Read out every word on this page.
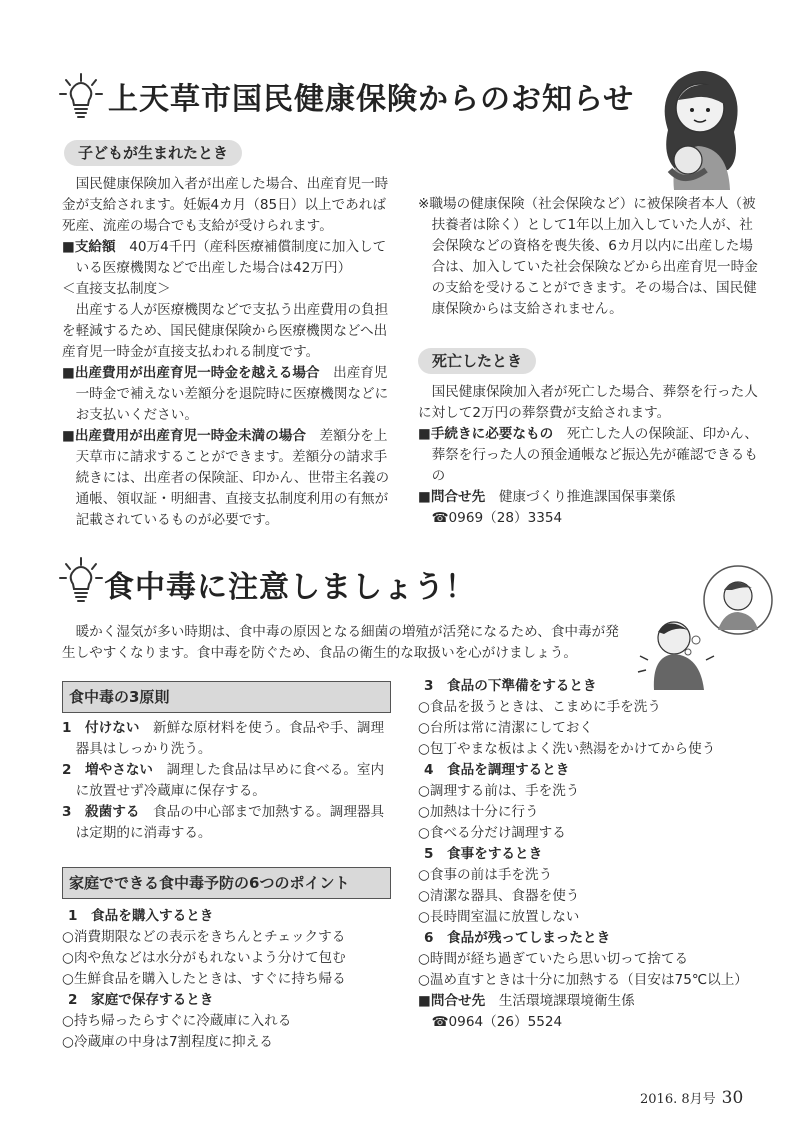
上天草市国民健康保険からのお知らせ
子どもが生まれたとき

国民健康保険加入者が出産した場合、出産育児一時金が支給されます。妊娠4カ月（85日）以上であれば死産、流産の場合でも支給が受けられます。

■支給額　 40万4千円（産科医療補償制度に加入している医療機関などで出産した場合は42万円）

＜直接支払制度＞

出産する人が医療機関などで支払う出産費用の負担を軽減するため、国民健康保険から医療機関などへ出産育児一時金が直接支払われる制度です。

■出産費用が出産育児一時金を越える場合　 出産育児一時金で補えない差額分を退院時に医療機関などにお支払いください。

■出産費用が出産育児一時金未満の場合　 差額分を上天草市に請求することができます。差額分の請求手続きには、出産者の保険証、印かん、世帯主名義の通帳、領収証・明細書、直接支払制度利用の有無が記載されているものが必要です。

※職場の健康保険（社会保険など）に被保険者本人（被扶養者は除く）として1年以上加入していた人が、社会保険などの資格を喪失後、6カ月以内に出産した場合は、加入していた社会保険などから出産育児一時金の支給を受けることができます。その場合は、国民健康保険からは支給されません。

死亡したとき

国民健康保険加入者が死亡した場合、葬祭を行った人に対して2万円の葬祭費が支給されます。

■手続きに必要なもの　 死亡した人の保険証、印かん、葬祭を行った人の預金通帳など振込先が確認できるもの

■問合せ先　 健康づくり推進課国保事業係

☎0969（28）3354

食中毒に注意しましょう！

暖かく湿気が多い時期は、食中毒の原因となる細菌の増殖が活発になるため、食中毒が発生しやすくなります。食中毒を防ぐため、食品の衛生的な取扱いを心がけましょう。

食中毒の3原則

1　付けない　 新鮮な原材料を使う。食品や手、調理器具はしっかり洗う。

2　増やさない　 調理した食品は早めに食べる。室内に放置せず冷蔵庫に保存する。

3　殺菌する　 食品の中心部まで加熱する。調理器具は定期的に消毒する。

家庭でできる食中毒予防の6つのポイント

1　食品を購入するとき

○消費期限などの表示をきちんとチェックする

○肉や魚などは水分がもれないよう分けて包む

○生鮮食品を購入したときは、すぐに持ち帰る

2　家庭で保存するとき

○持ち帰ったらすぐに冷蔵庫に入れる

○冷蔵庫の中身は7割程度に抑える

3　食品の下準備をするとき

○食品を扱うときは、こまめに手を洗う

○台所は常に清潔にしておく

○包丁やまな板はよく洗い熱湯をかけてから使う

4　食品を調理するとき

○調理する前は、手を洗う

○加熱は十分に行う

○食べる分だけ調理する

5　食事をするとき

○食事の前は手を洗う

○清潔な器具、食器を使う

○長時間室温に放置しない

6　食品が残ってしまったとき

○時間が経ち過ぎていたら思い切って捨てる

○温め直すときは十分に加熱する（目安は75℃以上）

■問合せ先　 生活環境課環境衛生係

☎0964（26）5524

2016. 8月号 30
